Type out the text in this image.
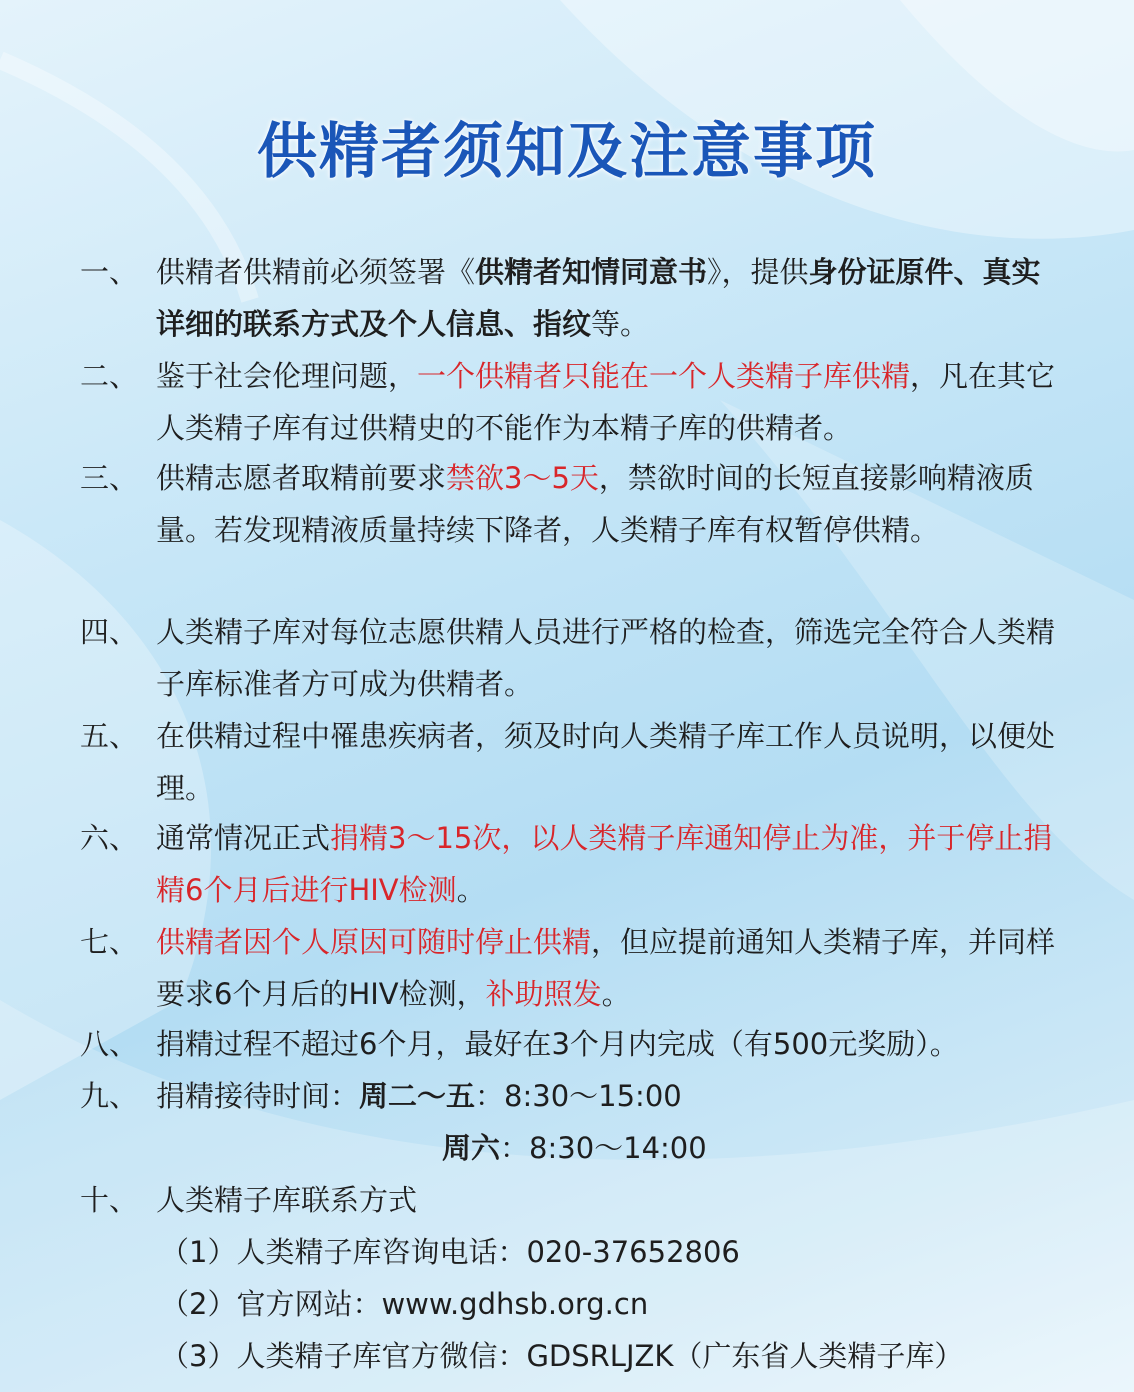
供精者须知及注意事项
一、 供精者供精前必须签署《供精者知情同意书》，提供身份证原件、真实详细的联系方式及个人信息、指纹等。
二、 鉴于社会伦理问题，一个供精者只能在一个人类精子库供精，凡在其它人类精子库有过供精史的不能作为本精子库的供精者。
三、 供精志愿者取精前要求禁欲3～5天，禁欲时间的长短直接影响精液质量。若发现精液质量持续下降者，人类精子库有权暂停供精。
四、 人类精子库对每位志愿供精人员进行严格的检查，筛选完全符合人类精子库标准者方可成为供精者。
五、 在供精过程中罹患疾病者，须及时向人类精子库工作人员说明，以便处理。
六、 通常情况正式捐精3～15次，以人类精子库通知停止为准，并于停止捐精6个月后进行HIV检测。
七、 供精者因个人原因可随时停止供精，但应提前通知人类精子库，并同样要求6个月后的HIV检测，补助照发。
八、 捐精过程不超过6个月，最好在3个月内完成（有500元奖励）。
九、 捐精接待时间：周二～五：8:30～15:00
周六：8:30～14:00
十、 人类精子库联系方式
（1）人类精子库咨询电话：020-37652806
（2）官方网站：www.gdhsb.org.cn
（3）人类精子库官方微信：GDSRLJZK（广东省人类精子库）
